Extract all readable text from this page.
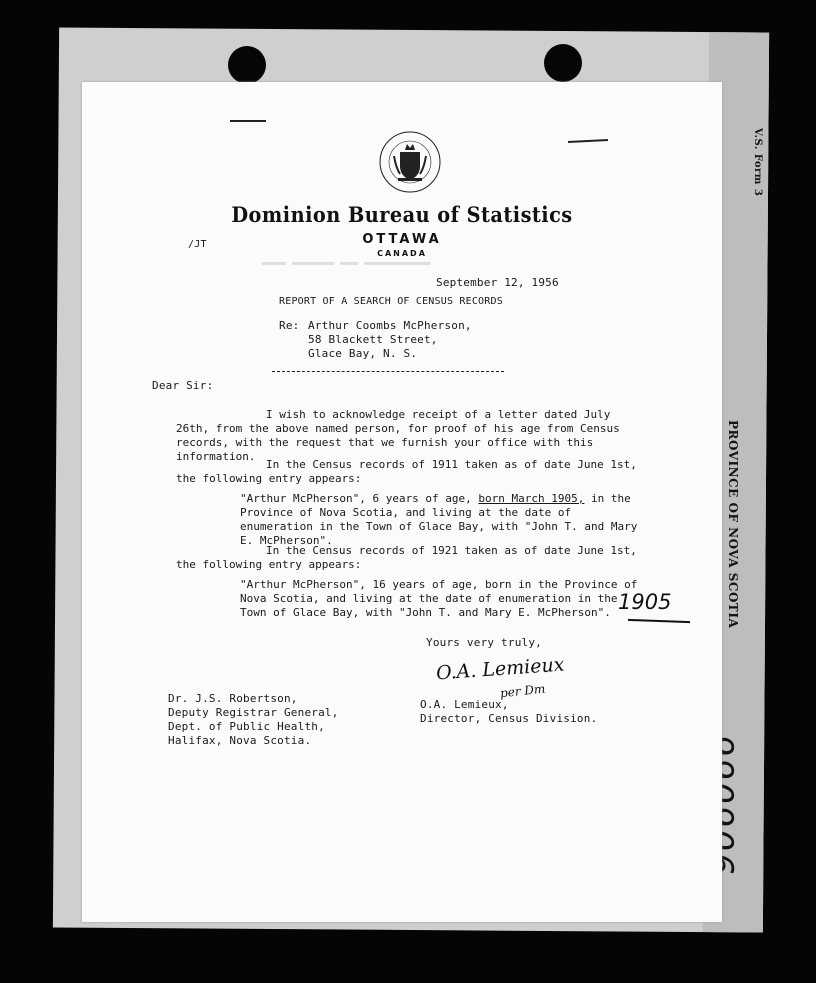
V.S. Form 3
PROVINCE OF NOVA SCOTIA
▬▬▬▬ ▬▬▬▬▬▬▬ ▬▬▬ ▬▬▬▬▬▬▬▬▬▬▬
Dominion Bureau of Statistics
OTTAWA
CANADA
/JT
September 12, 1956
REPORT OF A SEARCH OF CENSUS RECORDS
Re: Arthur Coombs McPherson,
58 Blackett Street,
Glace Bay, N. S.
Dear Sir:
I wish to acknowledge receipt of a letter dated July 26th, from the above named person, for proof of his age from Census records, with the request that we furnish your office with this information.
In the Census records of 1911 taken as of date June 1st, the following entry appears:
"Arthur McPherson", 6 years of age, born March 1905, in the Province of Nova Scotia, and living at the date of enumeration in the Town of Glace Bay, with "John T. and Mary E. McPherson".
In the Census records of 1921 taken as of date June 1st, the following entry appears:
"Arthur McPherson", 16 years of age, born in the Province of Nova Scotia, and living at the date of enumeration in the Town of Glace Bay, with "John T. and Mary E. McPherson".
Yours very truly,
Dr. J.S. Robertson,
Deputy Registrar General,
Dept. of Public Health,
Halifax, Nova Scotia.
O.A. Lemieux,
Director, Census Division.
O.A. Lemieux
per Dm
1905
